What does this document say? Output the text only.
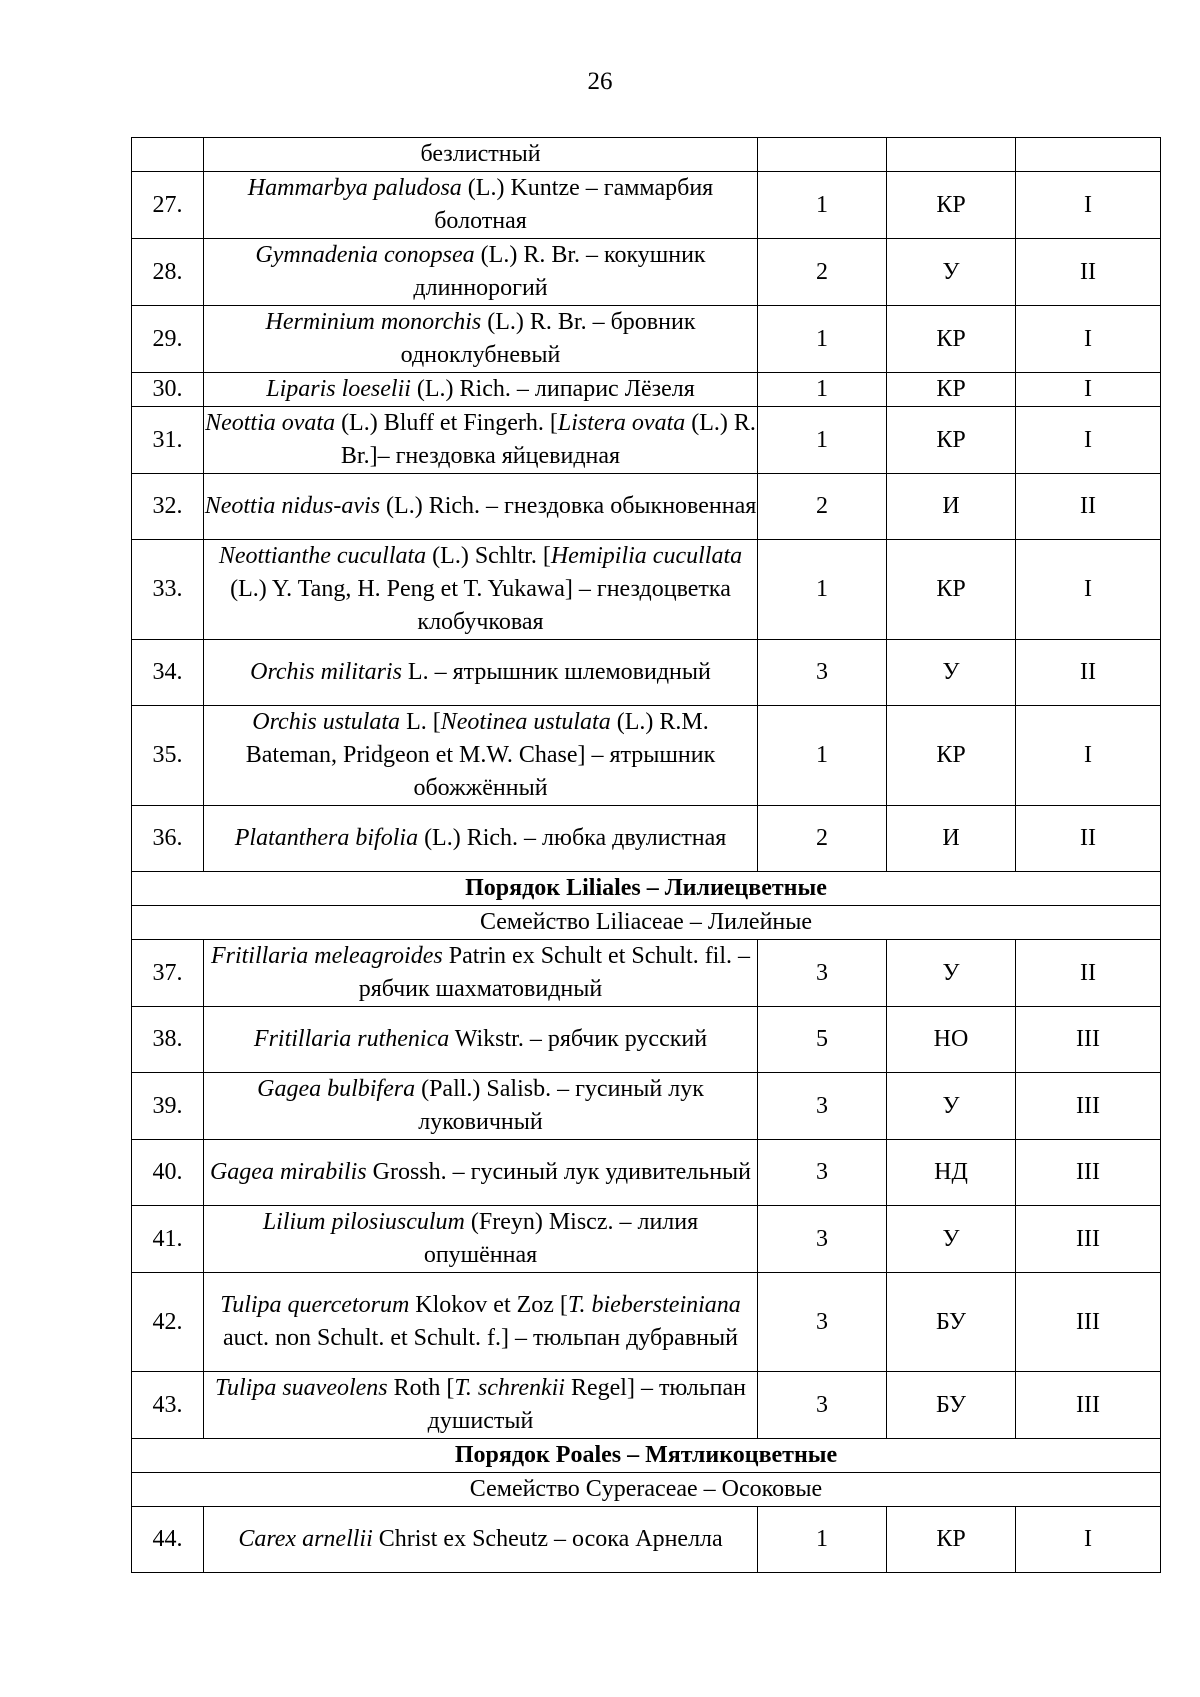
26
	безлистный			
27.	Hammarbya paludosa (L.) Kuntze – гаммарбия болотная	1	КР	I
28.	Gymnadenia conopsea (L.) R. Br. – кокушник длиннорогий	2	У	II
29.	Herminium monorchis (L.) R. Br. – бровник одноклубневый	1	КР	I
30.	Liparis loeselii (L.) Rich. – липарис Лёзеля	1	КР	I
31.	Neottia ovata (L.) Bluff et Fingerh. [Listera ovata (L.) R. Br.]– гнездовка яйцевидная	1	КР	I
32.	Neottia nidus-avis (L.) Rich. – гнездовка обыкновенная	2	И	II
33.	Neottianthe cucullata (L.) Schltr. [Hemipilia cucullata (L.) Y. Tang, H. Peng et T. Yukawa] – гнездоцветка клобучковая	1	КР	I
34.	Orchis militaris L. – ятрышник шлемовидный	3	У	II
35.	Orchis ustulata L. [Neotinea ustulata (L.) R.M. Bateman, Pridgeon et M.W. Chase] – ятрышник обожжённый	1	КР	I
36.	Platanthera bifolia (L.) Rich. – любка двулистная	2	И	II
Порядок Liliales – Лилиецветные				
Семейство Liliaceae – Лилейные				
37.	Fritillaria meleagroides Patrin ex Schult et Schult. fil. – рябчик шахматовидный	3	У	II
38.	Fritillaria ruthenica Wikstr. – рябчик русский	5	НО	III
39.	Gagea bulbifera (Pall.) Salisb. – гусиный лук луковичный	3	У	III
40.	Gagea mirabilis Grossh. – гусиный лук удивительный	3	НД	III
41.	Lilium pilosiusculum (Freyn) Miscz. – лилия опушённая	3	У	III
42.	Tulipa quercetorum Klokov et Zoz [T. biebersteiniana auct. non Schult. et Schult. f.] – тюльпан дубравный	3	БУ	III
43.	Tulipa suaveolens Roth [T. schrenkii Regel] – тюльпан душистый	3	БУ	III
Порядок Poales – Мятликоцветные				
Семейство Cyperaceae – Осоковые				
44.	Carex arnellii Christ ex Scheutz – осока Арнелла	1	КР	I
